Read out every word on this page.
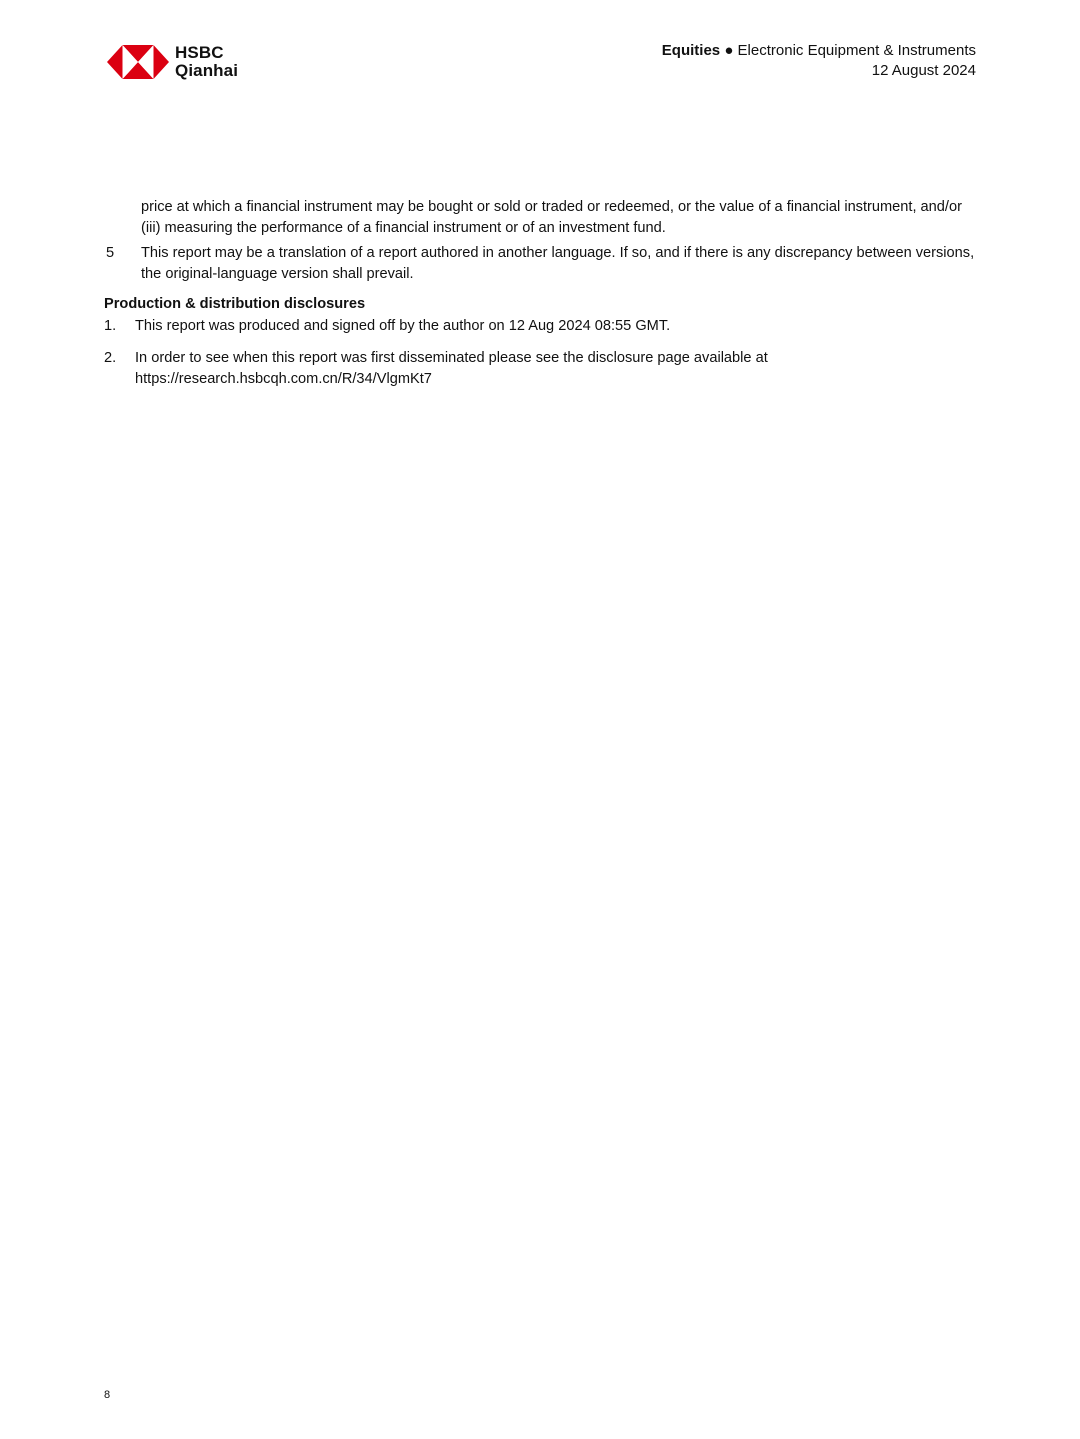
HSBC
Qianhai
Equities ● Electronic Equipment & Instruments
12 August 2024
price at which a financial instrument may be bought or sold or traded or redeemed, or the value of a financial instrument, and/or (iii) measuring the performance of a financial instrument or of an investment fund.
5	This report may be a translation of a report authored in another language. If so, and if there is any discrepancy between versions, the original-language version shall prevail.
Production & distribution disclosures
1.	This report was produced and signed off by the author on 12 Aug 2024 08:55 GMT.
2.	In order to see when this report was first disseminated please see the disclosure page available at
https://research.hsbcqh.com.cn/R/34/VlgmKt7
8
